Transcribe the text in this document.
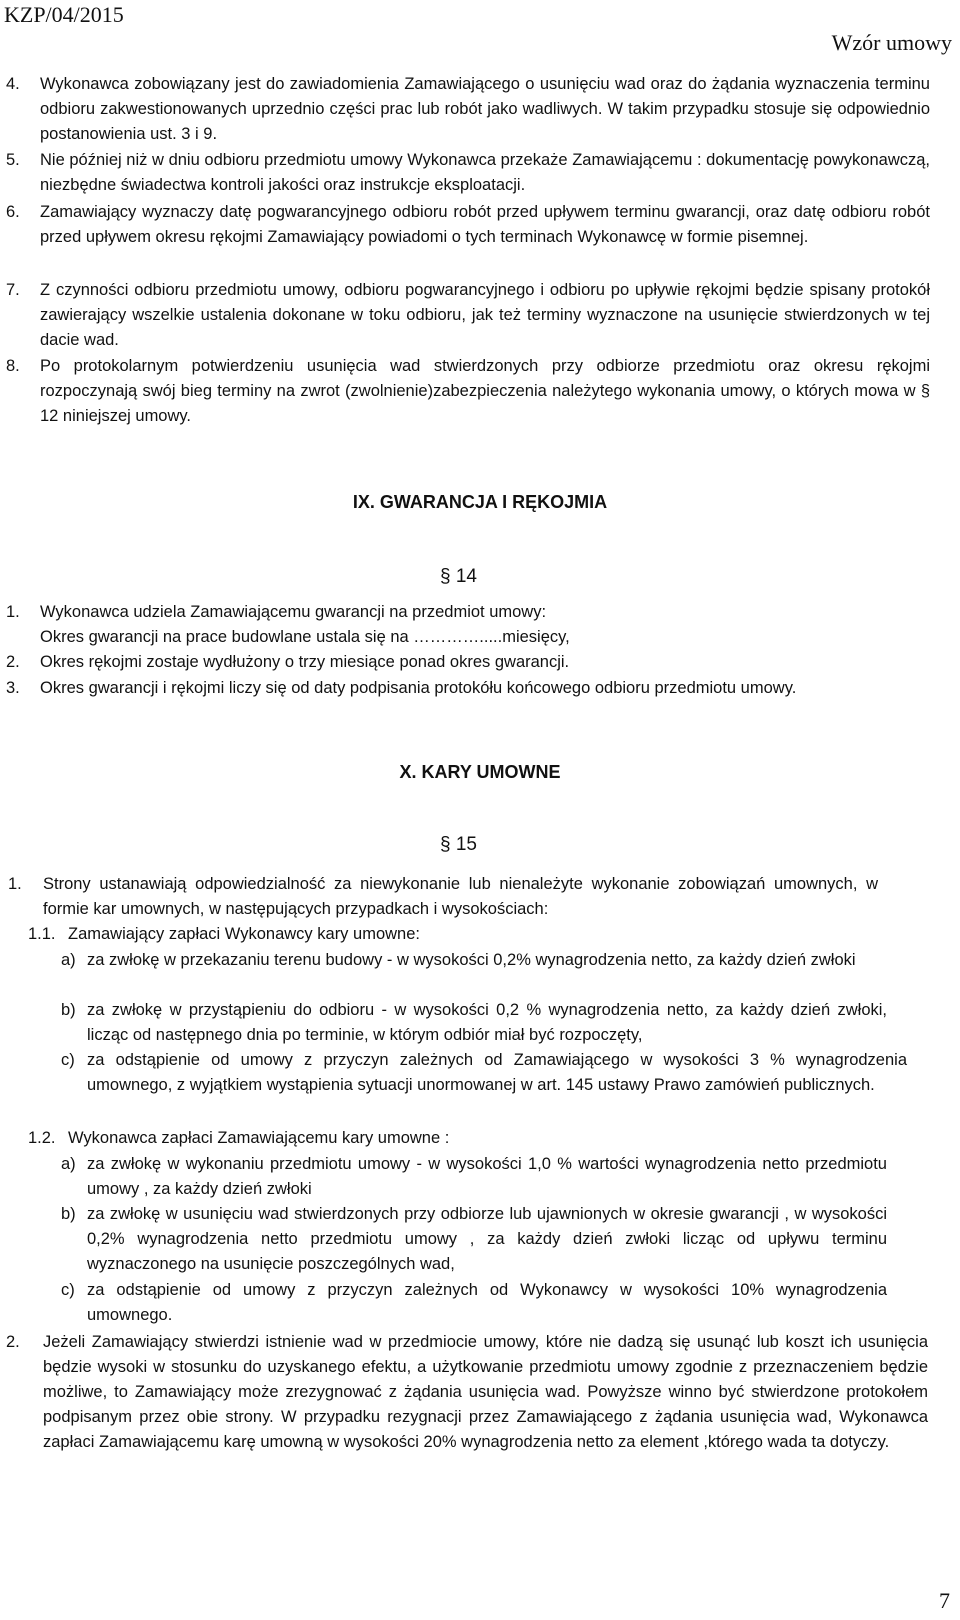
KZP/04/2015
Wzór umowy
4. Wykonawca zobowiązany jest do zawiadomienia Zamawiającego o usunięciu wad oraz do żądania wyznaczenia terminu odbioru zakwestionowanych uprzednio części prac lub robót jako wadliwych. W takim przypadku stosuje się odpowiednio postanowienia ust. 3 i 9.
5. Nie później niż w dniu odbioru przedmiotu umowy Wykonawca przekaże Zamawiającemu : dokumentację powykonawczą, niezbędne świadectwa kontroli jakości oraz instrukcje eksploatacji.
6. Zamawiający wyznaczy datę pogwarancyjnego odbioru robót przed upływem terminu gwarancji, oraz datę odbioru robót przed upływem okresu rękojmi Zamawiający powiadomi o tych terminach Wykonawcę w formie pisemnej.
7. Z czynności odbioru przedmiotu umowy, odbioru pogwarancyjnego i odbioru po upływie rękojmi będzie spisany protokół zawierający wszelkie ustalenia dokonane w toku odbioru, jak też terminy wyznaczone na usunięcie stwierdzonych w tej dacie wad.
8. Po protokolarnym potwierdzeniu usunięcia wad stwierdzonych przy odbiorze przedmiotu oraz okresu rękojmi rozpoczynają swój bieg terminy na zwrot (zwolnienie)zabezpieczenia należytego wykonania umowy, o których mowa w § 12 niniejszej umowy.
IX. GWARANCJA I RĘKOJMIA
§ 14
1. Wykonawca udziela Zamawiającemu gwarancji na przedmiot umowy:
Okres gwarancji na prace budowlane ustala się na ………….....miesięcy,
2. Okres rękojmi zostaje wydłużony o trzy miesiące ponad okres gwarancji.
3. Okres gwarancji i rękojmi liczy się od daty podpisania protokółu końcowego odbioru przedmiotu umowy.
X. KARY UMOWNE
§ 15
1. Strony ustanawiają odpowiedzialność za niewykonanie lub nienależyte wykonanie zobowiązań umownych, w formie kar umownych, w następujących przypadkach i wysokościach:
1.1. Zamawiający zapłaci Wykonawcy kary umowne:
a) za zwłokę w przekazaniu terenu budowy - w wysokości 0,2% wynagrodzenia netto, za każdy dzień zwłoki
b) za zwłokę w przystąpieniu do odbioru - w wysokości 0,2 % wynagrodzenia netto, za każdy dzień zwłoki, licząc od następnego dnia po terminie, w którym odbiór miał być rozpoczęty,
c) za odstąpienie od umowy z przyczyn zależnych od Zamawiającego w wysokości 3 % wynagrodzenia umownego, z wyjątkiem wystąpienia sytuacji unormowanej w art. 145 ustawy Prawo zamówień publicznych.
1.2. Wykonawca zapłaci Zamawiającemu kary umowne :
a) za zwłokę w wykonaniu przedmiotu umowy - w wysokości 1,0 % wartości wynagrodzenia netto przedmiotu umowy , za każdy dzień zwłoki
b) za zwłokę w usunięciu wad stwierdzonych przy odbiorze lub ujawnionych w okresie gwarancji , w wysokości 0,2% wynagrodzenia netto przedmiotu umowy , za każdy dzień zwłoki licząc od upływu terminu wyznaczonego na usunięcie poszczególnych wad,
c) za odstąpienie od umowy z przyczyn zależnych od Wykonawcy w wysokości 10% wynagrodzenia umownego.
2. Jeżeli Zamawiający stwierdzi istnienie wad w przedmiocie umowy, które nie dadzą się usunąć lub koszt ich usunięcia będzie wysoki w stosunku do uzyskanego efektu, a użytkowanie przedmiotu umowy zgodnie z przeznaczeniem będzie możliwe, to Zamawiający może zrezygnować z żądania usunięcia wad. Powyższe winno być stwierdzone protokołem podpisanym przez obie strony. W przypadku rezygnacji przez Zamawiającego z żądania usunięcia wad, Wykonawca zapłaci Zamawiającemu karę umowną w wysokości 20% wynagrodzenia netto za element ,którego wada ta dotyczy.
7
